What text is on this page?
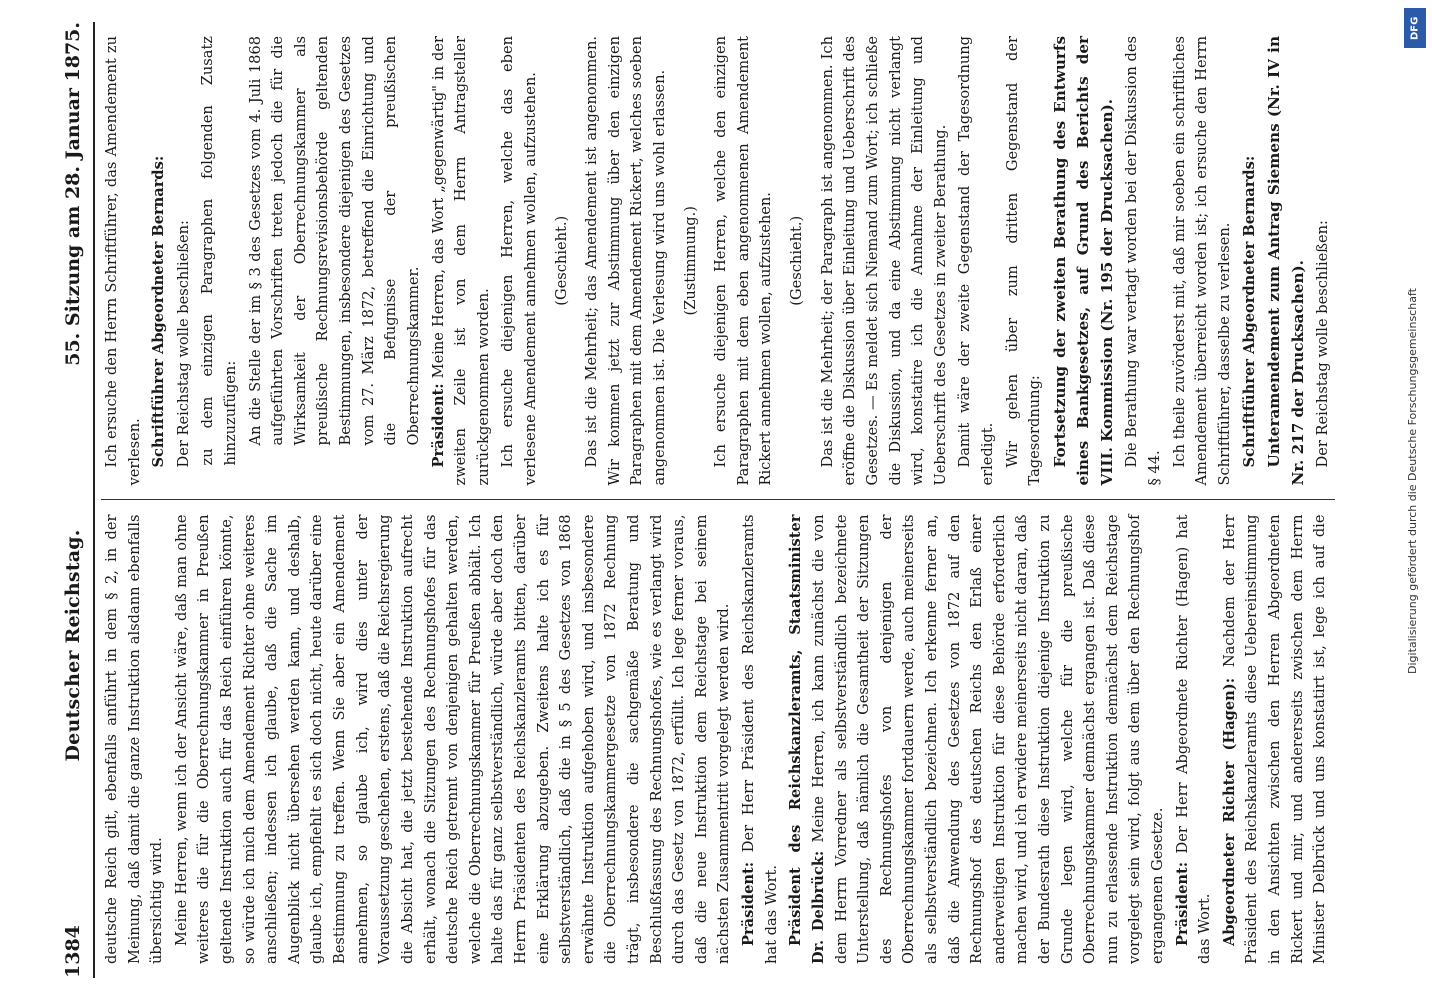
1384
Deutscher Reichstag.
55. Sitzung am 28. Januar 1875.

deutsche Reich gilt, ebenfalls anführt in dem § 2, in der Meinung, daß damit die ganze Instruktion alsdann ebenfalls übersichtig wird. Meine Herren, wenn ich der Ansicht wäre, daß man ohne weiteres die für die Oberrechnungskammer in Preußen geltende Instruktion auch für das Reich einführen könnte, so würde ich mich dem Amendement Richter ohne weiteres anschließen; indessen ich glaube, daß die Sache im Augenblick nicht übersehen werden kann, und deshalb, glaube ich, empfiehlt es sich doch nicht, heute darüber eine Bestimmung zu treffen. Wenn Sie aber ein Amendement annehmen, so glaube ich, wird dies unter der Voraussetzung geschehen, erstens, daß die Reichsregierung die Absicht hat, die jetzt bestehende Instruktion aufrecht erhält, wonach die Sitzungen des Rechnungshofes für das deutsche Reich getrennt von denjenigen gehalten werden, welche die Oberrechnungskammer für Preußen abhält. Ich halte das für ganz selbstverständlich, würde aber doch den Herrn Präsidenten des Reichskanzleramts bitten, darüber eine Erklärung abzugeben. Zweitens halte ich es für selbstverständlich, daß die in § 5 des Gesetzes von 1868 erwähnte Instruktion aufgehoben wird, und insbesondere die Oberrechnungskammergesetze von 1872 Rechnung trägt, insbesondere die sachgemäße Beratung und Beschlußfassung des Rechnungshofes, wie es verlangt wird durch das Gesetz von 1872, erfüllt. Ich lege ferner voraus, daß die neue Instruktion dem Reichstage bei seinem nächsten Zusammentritt vorgelegt werden wird. Präsident: Der Herr Präsident des Reichskanzleramts hat das Wort. Präsident des Reichskanzleramts, Staatsminister Dr. Delbrück: Meine Herren, ich kann zunächst die von dem Herrn Vorredner als selbstverständlich bezeichnete Unterstellung, daß nämlich die Gesamtheit der Sitzungen des Rechnungshofes von denjenigen der Oberrechnungskammer fortdauern werde, auch meinerseits als selbstverständlich bezeichnen. Ich erkenne ferner an, daß die Anwendung des Gesetzes von 1872 auf den Rechnungshof des deutschen Reichs den Erlaß einer anderweitigen Instruktion für diese Behörde erforderlich machen wird, und ich erwidere meinerseits nicht daran, daß der Bundesrath diese Instruktion diejenige Instruktion zu Grunde legen wird, welche für die preußische Oberrechnungskammer demnächst ergangen ist. Daß diese nun zu erlassende Instruktion demnächst dem Reichstage vorgelegt sein wird, folgt aus dem über den Rechnungshof ergangenen Gesetze. Präsident: Der Herr Abgeordnete Richter (Hagen) hat das Wort. Abgeordneter Richter (Hagen): Nachdem der Herr Präsident des Reichskanzleramts diese Uebereinstimmung in den Ansichten zwischen den Herren Abgeordneten Rickert und mir, und andererseits zwischen dem Herrn Minister Delbrück und uns konstatirt ist, lege ich auf die

Ich ersuche den Herrn Schriftführer, das Amendement zu verlesen. Schriftführer Abgeordneter Bernards: Der Reichstag wolle beschließen: zu dem einzigen Paragraphen folgenden Zusatz hinzuzufügen: An die Stelle der im § 3 des Gesetzes vom 4. Juli 1868 aufgeführten Vorschriften treten jedoch die für die Wirksamkeit der Oberrechnungskammer als preußische Rechnungsrevisionsbehörde geltenden Bestimmungen, insbesondere diejenigen des Gesetzes vom 27. März 1872, betreffend die Einrichtung und die Befugnisse der preußischen Oberrechnungskammer. Präsident: Meine Herren, das Wort „gegenwärtig" in der zweiten Zeile ist von dem Herrn Antragsteller zurückgenommen worden. Ich ersuche diejenigen Herren, welche das eben verlesene Amendement annehmen wollen, aufzustehen. (Geschieht.) Das ist die Mehrheit; das Amendement ist angenommen. Wir kommen jetzt zur Abstimmung über den einzigen Paragraphen mit dem Amendement Rickert, welches soeben angenommen ist. Die Verlesung wird uns wohl erlassen. (Zustimmung.) Ich ersuche diejenigen Herren, welche den einzigen Paragraphen mit dem eben angenommenen Amendement Rickert annehmen wollen, aufzustehen. (Geschieht.) Das ist die Mehrheit; der Paragraph ist angenommen. Ich eröffne die Diskussion über Einleitung und Ueberschrift des Gesetzes. — Es meldet sich Niemand zum Wort; ich schließe die Diskussion, und da eine Abstimmung nicht verlangt wird, konstatire ich die Annahme der Einleitung und Ueberschrift des Gesetzes in zweiter Berathung. Damit wäre der zweite Gegenstand der Tagesordnung erledigt. Wir gehen über zum dritten Gegenstand der Tagesordnung: Fortsetzung der zweiten Berathung des Entwurfs eines Bankgesetzes, auf Grund des Berichts der VIII. Kommission (Nr. 195 der Drucksachen). Die Berathung war vertagt worden bei der Diskussion des § 44.

Ich theile zuvörderst mit, daß mir soeben ein schriftliches Amendement überreicht worden ist; ich ersuche den Herrn Schriftführer, dasselbe zu verlesen. Schriftführer Abgeordneter Bernards: Unteramendement zum Antrag Siemens (Nr. IV in Nr. 217 der Drucksachen). Der Reichstag wolle beschließen:

DFG
Digitalisierung gefördert durch die Deutsche Forschungsgemeinschaft
